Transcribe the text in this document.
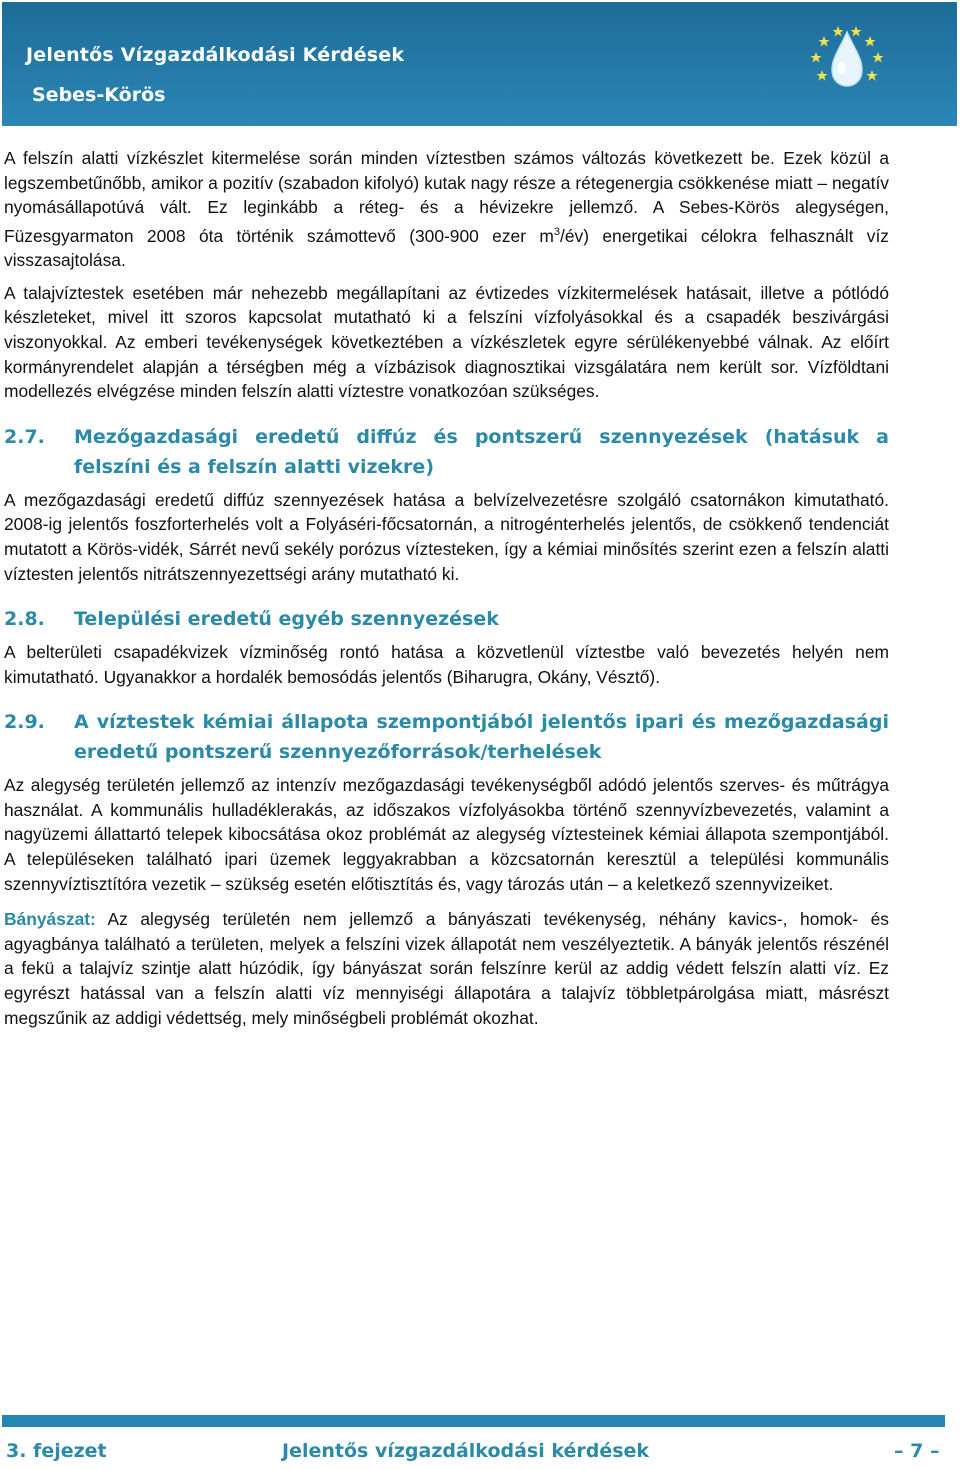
Jelentős Vízgazdálkodási Kérdések
Sebes-Körös

A felszín alatti vízkészlet kitermelése során minden víztestben számos változás következett be. Ezek közül a legszembetűnőbb, amikor a pozitív (szabadon kifolyó) kutak nagy része a rétegenergia csökkenése miatt – negatív nyomásállapotúvá vált. Ez leginkább a réteg- és a hévizekre jellemző. A Sebes-Körös alegységen, Füzesgyarmaton 2008 óta történik számottevő (300-900 ezer $m^3/év$) energetikai célokra felhasznált víz visszasajtolása.

A talajvíztestek esetében már nehezebb megállapítani az évtizedes vízkitermelések hatásait, illetve a pótlódó készleteket, mivel itt szoros kapcsolat mutatható ki a felszíni vízfolyásokkal és a csapadék beszivárgási viszonyokkal. Az emberi tevékenységek következtében a vízkészletek egyre sérülékenyebbé válnak. Az előírt kormányrendelet alapján a térségben még a vízbázisok diagnosztikai vizsgálatára nem került sor. Vízföldtani modellezés elvégzése minden felszín alatti víztestre vonatkozóan szükséges.

2.7.	Mezőgazdasági eredetű diffúz és pontszerű szennyezések (hatásuk a felszíni és a felszín alatti vizekre)

A mezőgazdasági eredetű diffúz szennyezések hatása a belvízelvezetésre szolgáló csatornákon kimutatható. 2008-ig jelentős foszforterhelés volt a Folyáséri-főcsatornán, a nitrogénterhelés jelentős, de csökkenő tendenciát mutatott a Körös-vidék, Sárrét nevű sekély porózus víztesteken, így a kémiai minősítés szerint ezen a felszín alatti víztesten jelentős nitrátszennyezettségi arány mutatható ki.

2.8.	Települési eredetű egyéb szennyezések

A belterületi csapadékvizek vízminőség rontó hatása a közvetlenül víztestbe való bevezetés helyén nem kimutatható. Ugyanakkor a hordalék bemosódás jelentős (Biharugra, Okány, Vésztő).

2.9.	A víztestek kémiai állapota szempontjából jelentős ipari és mezőgazdasági eredetű pontszerű szennyezőforrások/terhelések

Az alegység területén jellemző az intenzív mezőgazdasági tevékenységből adódó jelentős szerves- és műtrágya használat. A kommunális hulladéklerakás, az időszakos vízfolyásokba történő szennyvízbevezetés, valamint a nagyüzemi állattartó telepek kibocsátása okoz problémát az alegység víztesteinek kémiai állapota szempontjából. A településeken található ipari üzemek leggyakrabban a közcsatornán keresztül a települési kommunális szennyvíztisztítóra vezetik – szükség esetén előtisztítás és, vagy tározás után – a keletkező szennyvizeiket.

Bányászat: Az alegység területén nem jellemző a bányászati tevékenység, néhány kavics-, homok- és agyagbánya található a területen, melyek a felszíni vizek állapotát nem veszélyeztetik. A bányák jelentős részénél a fekü a talajvíz szintje alatt húzódik, így bányászat során felszínre kerül az addig védett felszín alatti víz. Ez egyrészt hatással van a felszín alatti víz mennyiségi állapotára a talajvíz többletpárolgása miatt, másrészt megszűnik az addigi védettség, mely minőségbeli problémát okozhat.

3. fejezet	Jelentős vízgazdálkodási kérdések	– 7 –
